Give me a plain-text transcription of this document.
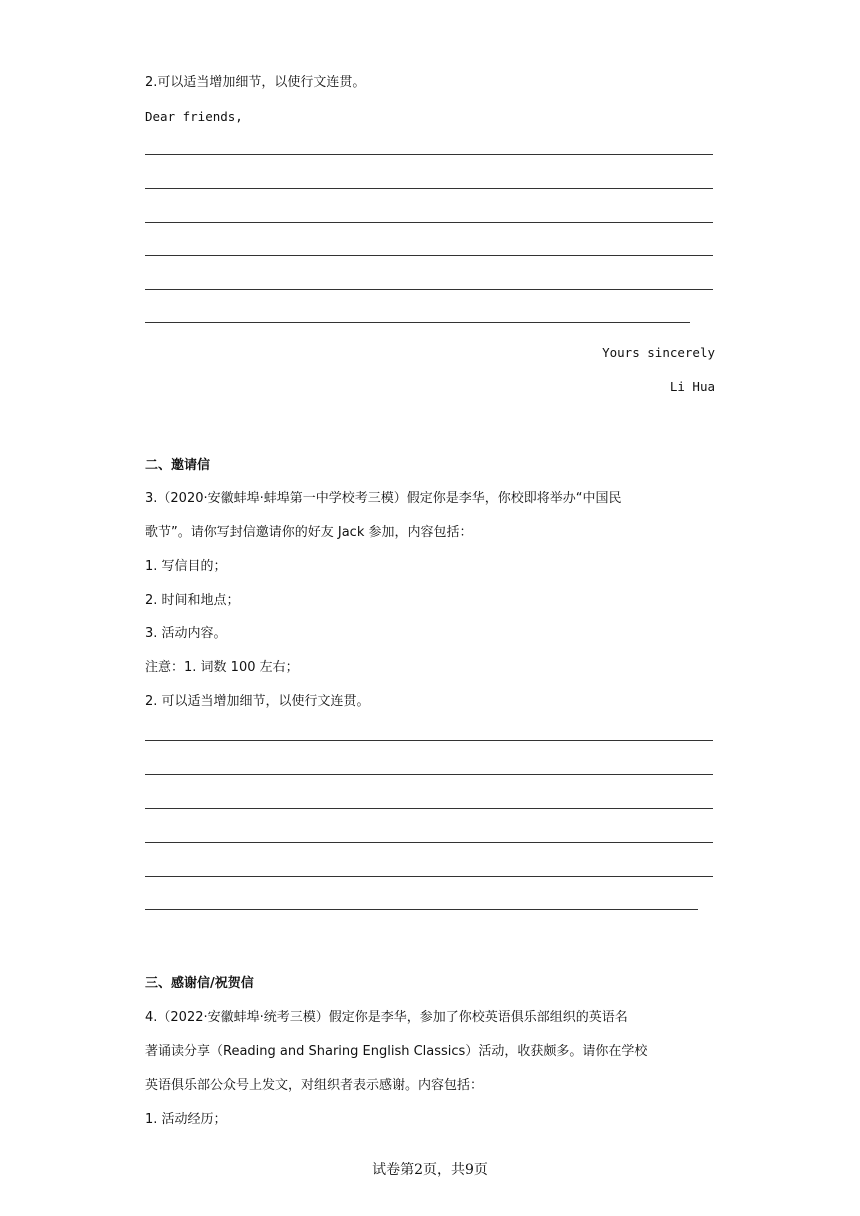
2.可以适当增加细节，以使行文连贯。
Dear friends,
Yours sincerely
Li Hua
二、邀请信
3.（2020·安徽蚌埠·蚌埠第一中学校考三模）假定你是李华，你校即将举办“中国民
歌节”。请你写封信邀请你的好友 Jack 参加，内容包括：
1. 写信目的；
2. 时间和地点；
3. 活动内容。
注意：1. 词数 100 左右；
2. 可以适当增加细节，以使行文连贯。
三、感谢信/祝贺信
4.（2022·安徽蚌埠·统考三模）假定你是李华，参加了你校英语俱乐部组织的英语名
著诵读分享（Reading and Sharing English Classics）活动，收获颇多。请你在学校
英语俱乐部公众号上发文，对组织者表示感谢。内容包括：
1. 活动经历；
试卷第2页，共9页
